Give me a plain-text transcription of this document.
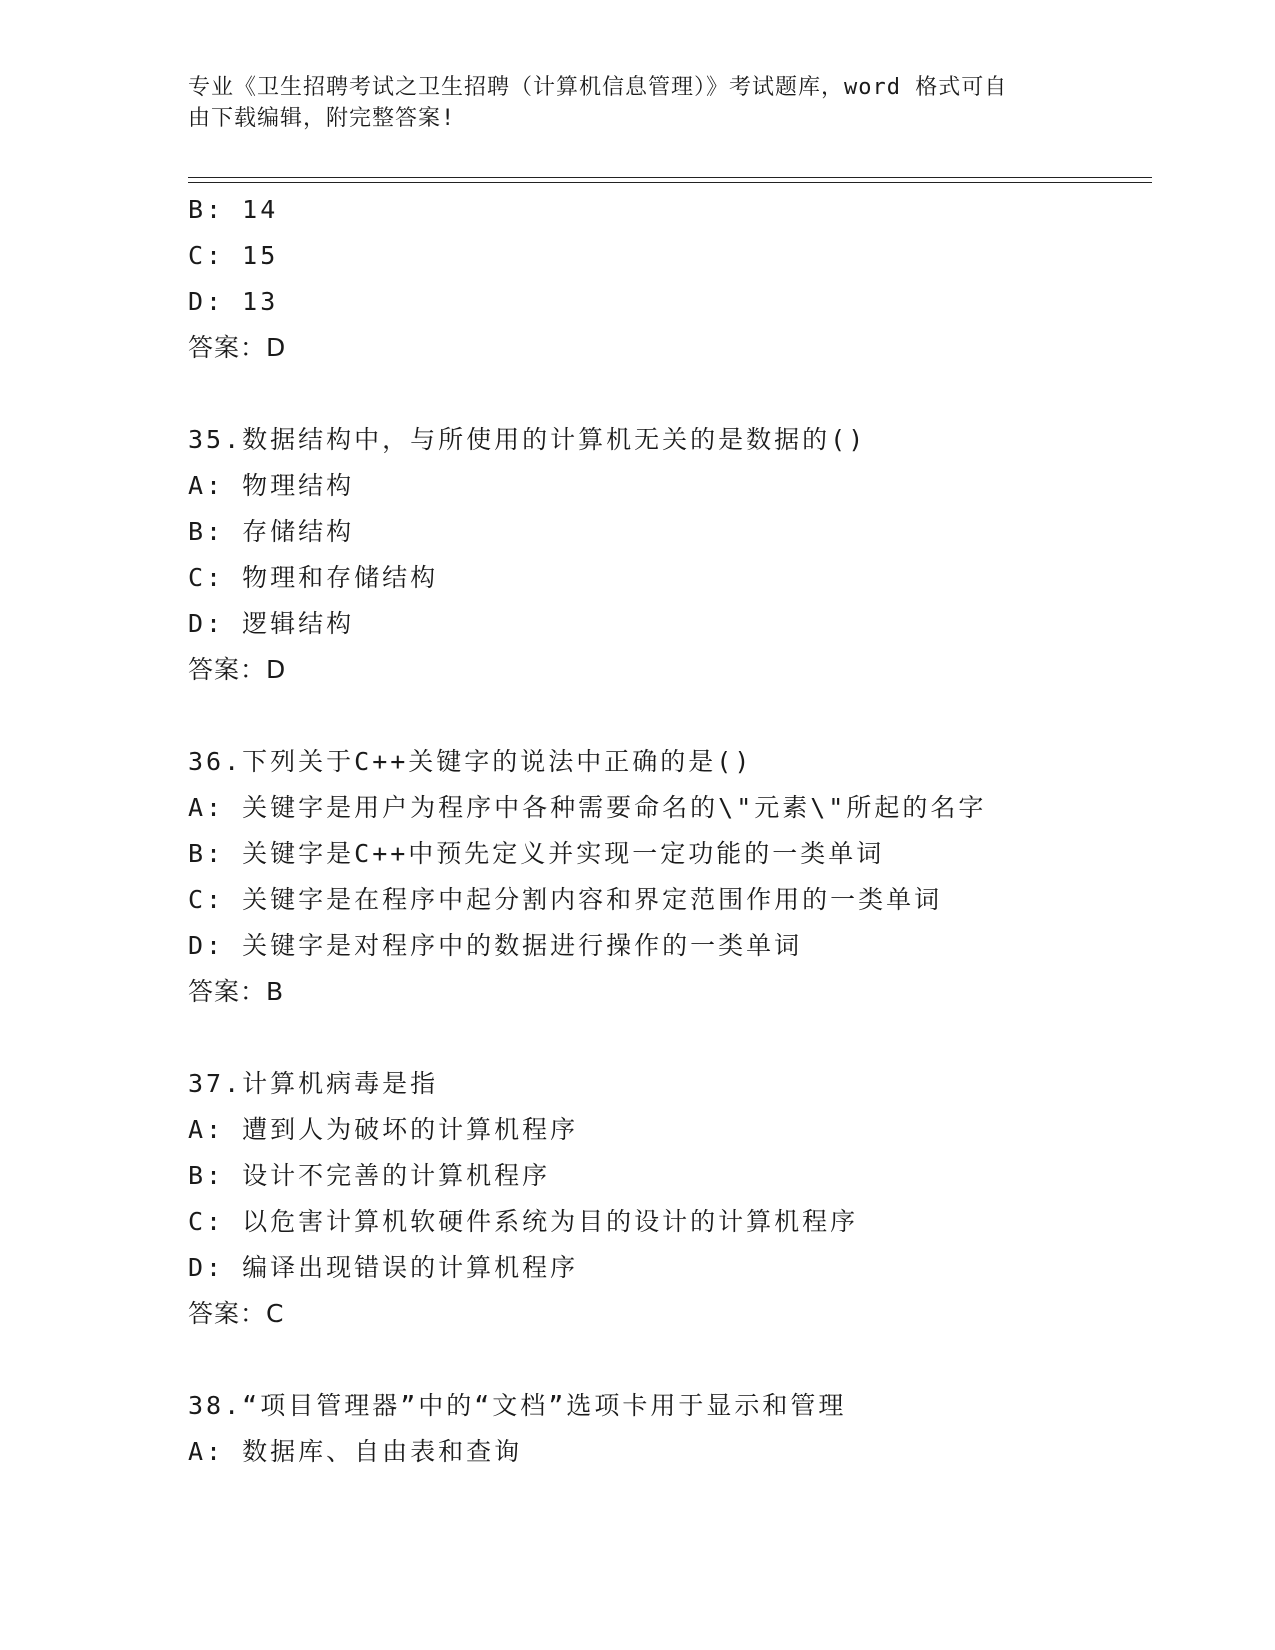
专业《卫生招聘考试之卫生招聘（计算机信息管理）》考试题库，word 格式可自
由下载编辑，附完整答案!
B: 14
C: 15
D: 13
答案：D
35.数据结构中，与所使用的计算机无关的是数据的()
A: 物理结构
B: 存储结构
C: 物理和存储结构
D: 逻辑结构
答案：D
36.下列关于C++关键字的说法中正确的是()
A: 关键字是用户为程序中各种需要命名的\"元素\"所起的名字
B: 关键字是C++中预先定义并实现一定功能的一类单词
C: 关键字是在程序中起分割内容和界定范围作用的一类单词
D: 关键字是对程序中的数据进行操作的一类单词
答案：B
37.计算机病毒是指
A: 遭到人为破坏的计算机程序
B: 设计不完善的计算机程序
C: 以危害计算机软硬件系统为目的设计的计算机程序
D: 编译出现错误的计算机程序
答案：C
38.“项目管理器”中的“文档”选项卡用于显示和管理
A: 数据库、自由表和查询
